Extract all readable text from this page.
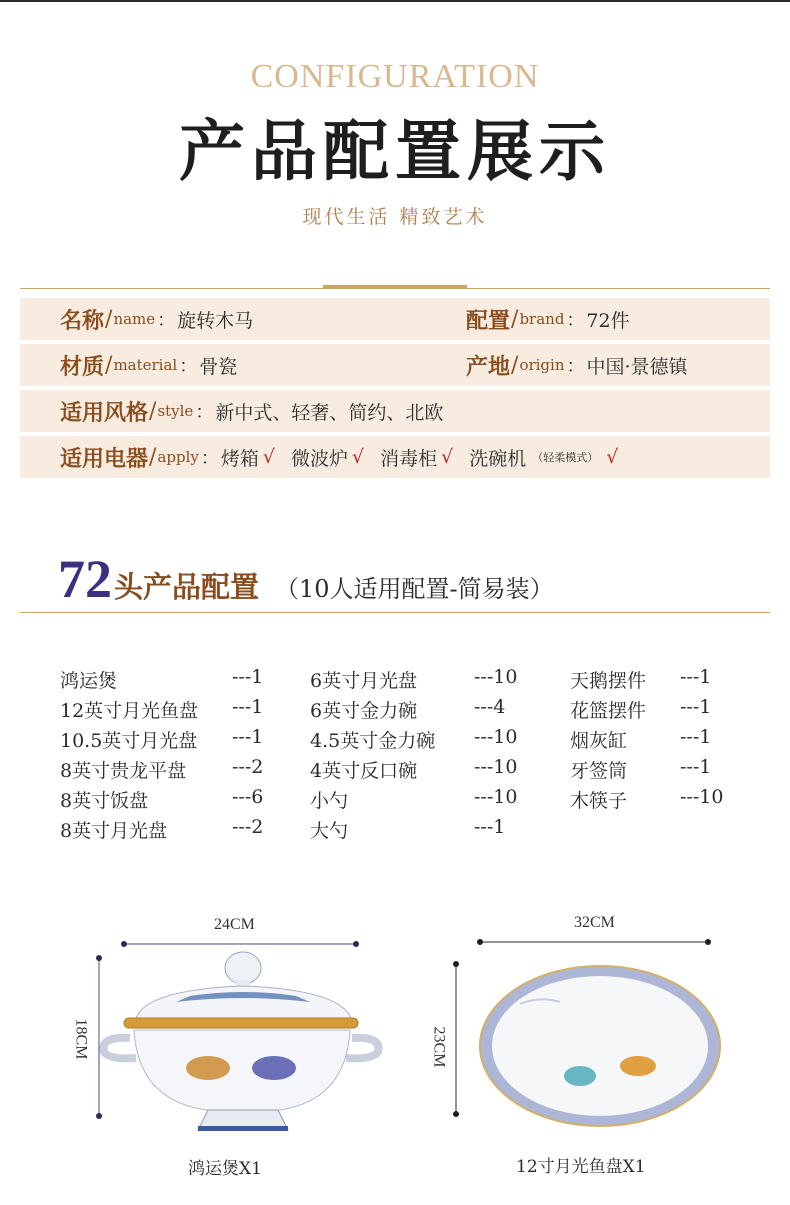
CONFIGURATION
产品配置展示
现代生活 精致艺术
名称 / name ： 旋转木马	配置 / brand ： 72件
材质 / material ： 骨瓷	产地 / origin ： 中国·景德镇
适用风格 / style ： 新中式、轻奢、简约、北欧
适用电器 / apply ： 烤箱 √ 微波炉 √ 消毒柜 √ 洗碗机 （轻柔模式） √
72 头产品配置 （10人适用配置-简易装）
鸿运煲	---1
12英寸月光鱼盘 ---1
10.5英寸月光盘 ---1
8英寸贵龙平盘 ---2
8英寸饭盘	---6
8英寸月光盘	---2
6英寸月光盘	---10
6英寸金力碗	---4
4.5英寸金力碗 ---10
4英寸反口碗	---10
小勺	---10
大勺	---1
天鹅摆件 ---1
花篮摆件 ---1
烟灰缸	---1
牙签筒	---1
木筷子	---10
24CM
18CM
鸿运煲X1
32CM
23CM
12寸月光鱼盘X1
